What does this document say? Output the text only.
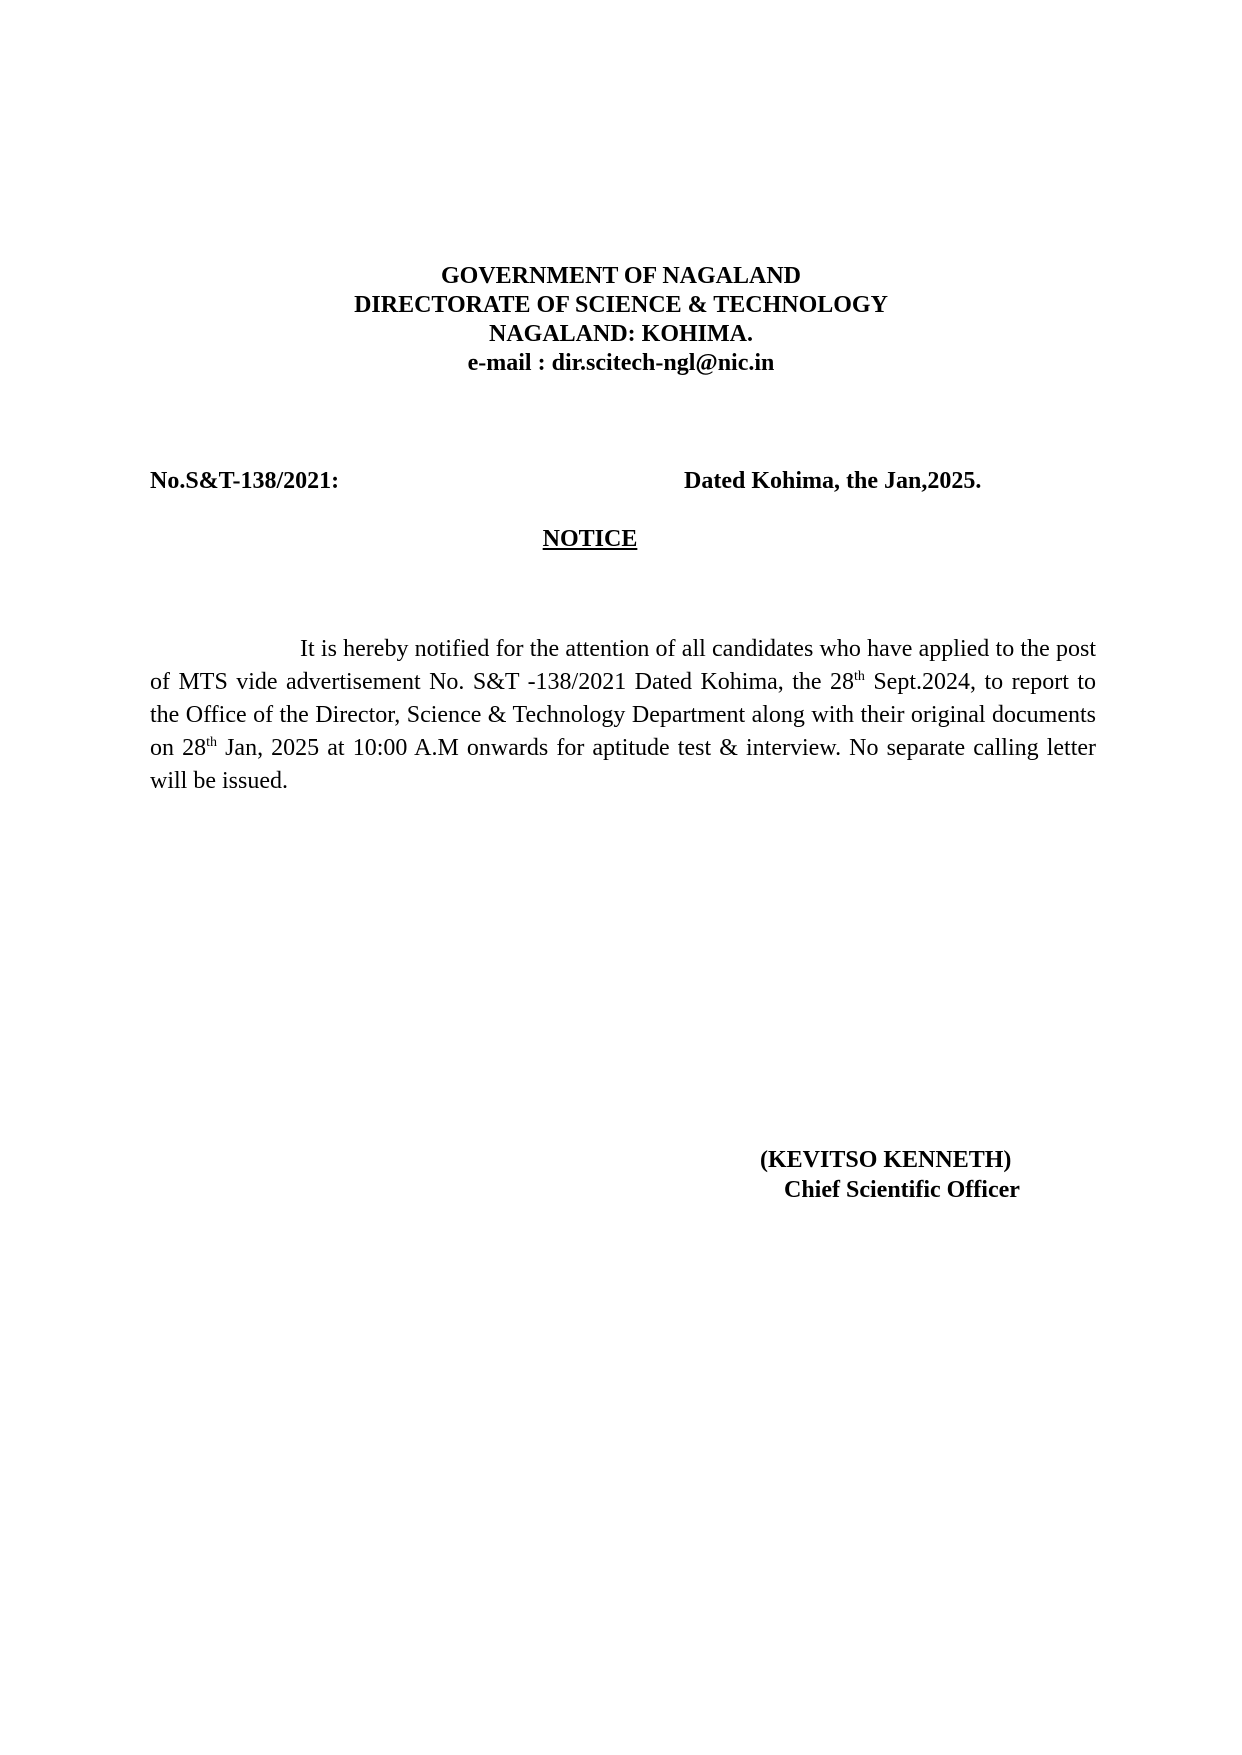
GOVERNMENT OF NAGALAND
DIRECTORATE OF SCIENCE & TECHNOLOGY
NAGALAND: KOHIMA.
e-mail : dir.scitech-ngl@nic.in
No.S&T-138/2021:	Dated Kohima, the Jan,2025.
NOTICE

It is hereby notified for the attention of all candidates who have applied to the post of MTS vide advertisement No. S&T -138/2021 Dated Kohima, the 28th Sept.2024, to report to the Office of the Director, Science & Technology Department along with their original documents on 28th Jan, 2025 at 10:00 A.M onwards for aptitude test & interview. No separate calling letter will be issued.

(KEVITSO KENNETH)
Chief Scientific Officer
